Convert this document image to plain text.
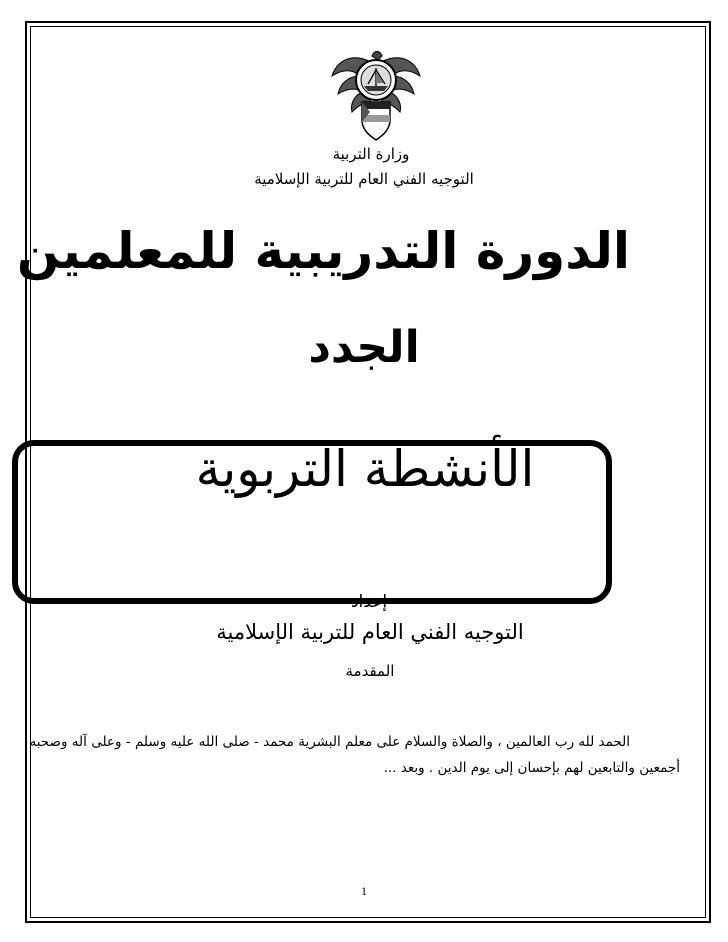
وزارة التربية
التوجيه الفني العام للتربية الإسلامية
الدورة التدريبية للمعلمين
الجدد
الأنشطة التربوية
إعداد
التوجيه الفني العام للتربية الإسلامية
المقدمة
الحمد لله رب العالمين ، والصلاة والسلام على معلم البشرية محمد - صلى الله عليه وسلم - وعلى آله وصحبه
أجمعين والتابعين لهم بإحسان إلى يوم الدين . وبعد ...
1
